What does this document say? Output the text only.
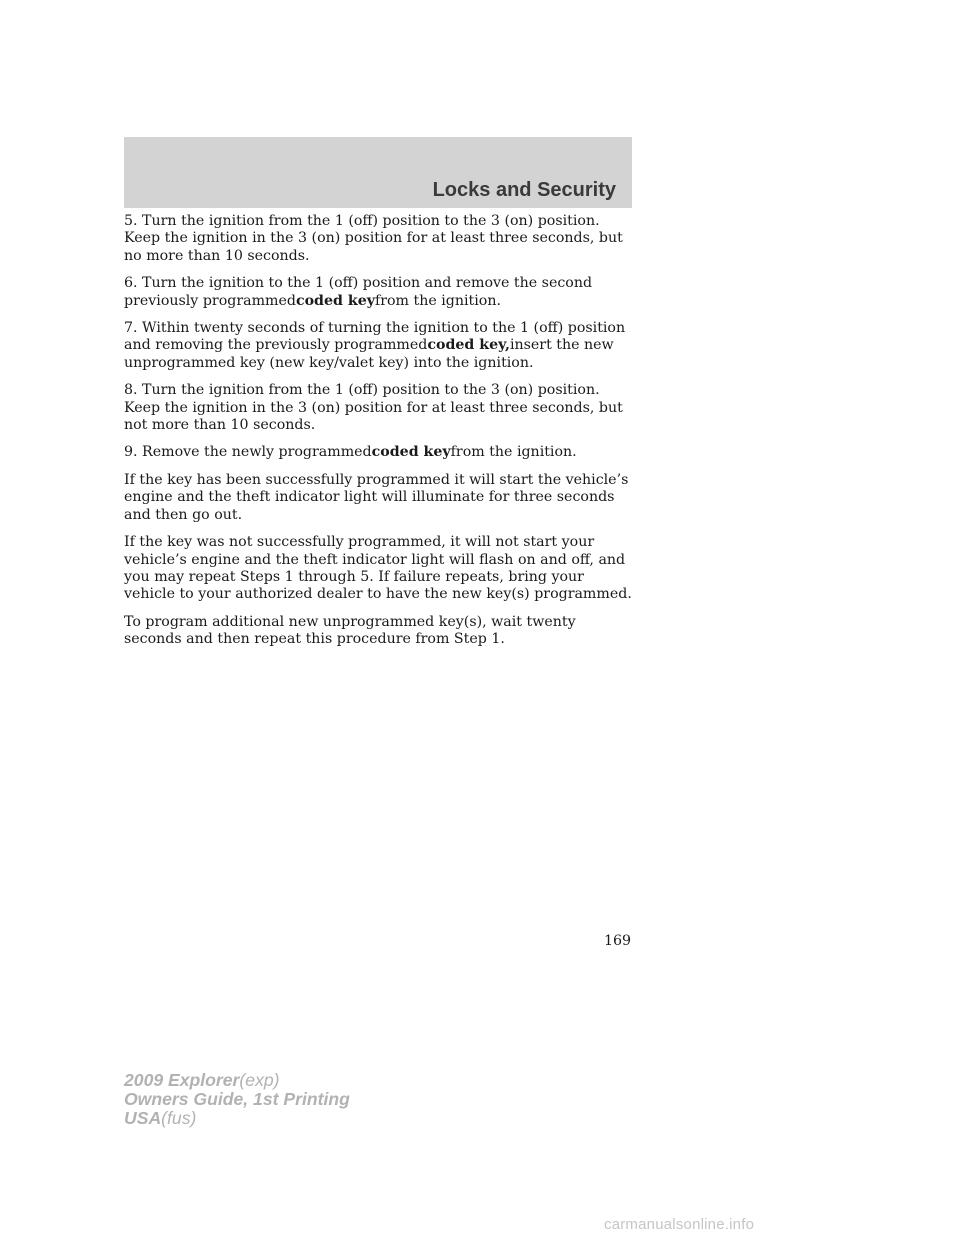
Locks and Security

5. Turn the ignition from the 1 (off) position to the 3 (on) position. Keep the ignition in the 3 (on) position for at least three seconds, but no more than 10 seconds.

6. Turn the ignition to the 1 (off) position and remove the second previously programmedcoded keyfrom the ignition.

7. Within twenty seconds of turning the ignition to the 1 (off) position and removing the previously programmedcoded key,insert the new unprogrammed key (new key/valet key) into the ignition.

8. Turn the ignition from the 1 (off) position to the 3 (on) position. Keep the ignition in the 3 (on) position for at least three seconds, but not more than 10 seconds.

9. Remove the newly programmedcoded keyfrom the ignition.

If the key has been successfully programmed it will start the vehicle’s engine and the theft indicator light will illuminate for three seconds and then go out.

If the key was not successfully programmed, it will not start your vehicle’s engine and the theft indicator light will flash on and off, and you may repeat Steps 1 through 5. If failure repeats, bring your vehicle to your authorized dealer to have the new key(s) programmed.

To program additional new unprogrammed key(s), wait twenty seconds and then repeat this procedure from Step 1.

169
2009 Explorer(exp)
Owners Guide, 1st Printing
USA(fus)
carmanualsonline.info
